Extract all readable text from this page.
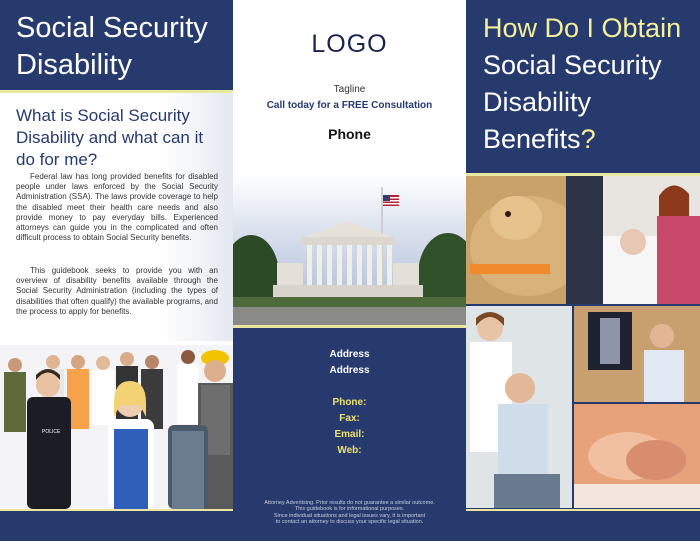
Social Security Disability
What is Social Security Disability and what can it do for me?

Federal law has long provided benefits for disabled people under laws enforced by the Social Security Administration (SSA). The laws provide coverage to help the disabled meet their health care needs and also provide money to pay everyday bills. Experienced attorneys can guide you in the complicated and often difficult process to obtain Social Security benefits.

This guidebook seeks to provide you with an overview of disability benefits available through the Social Security Administration (including the types of disabilities that often qualify) the available programs, and the process to apply for benefits.

POLICE
LOGO
Tagline
Call today for a FREE Consultation
Phone
Address
Address
Phone:
Fax:
Email:
Web:
Attorney Advertising. Prior results do not guarantee a similar outcome.
This guidebook is for informational purposes.
Since individual situations and legal issues vary, it is important
to contact an attorney to discuss your specific legal situation.
How Do I Obtain
Social Security Disability Benefits?
